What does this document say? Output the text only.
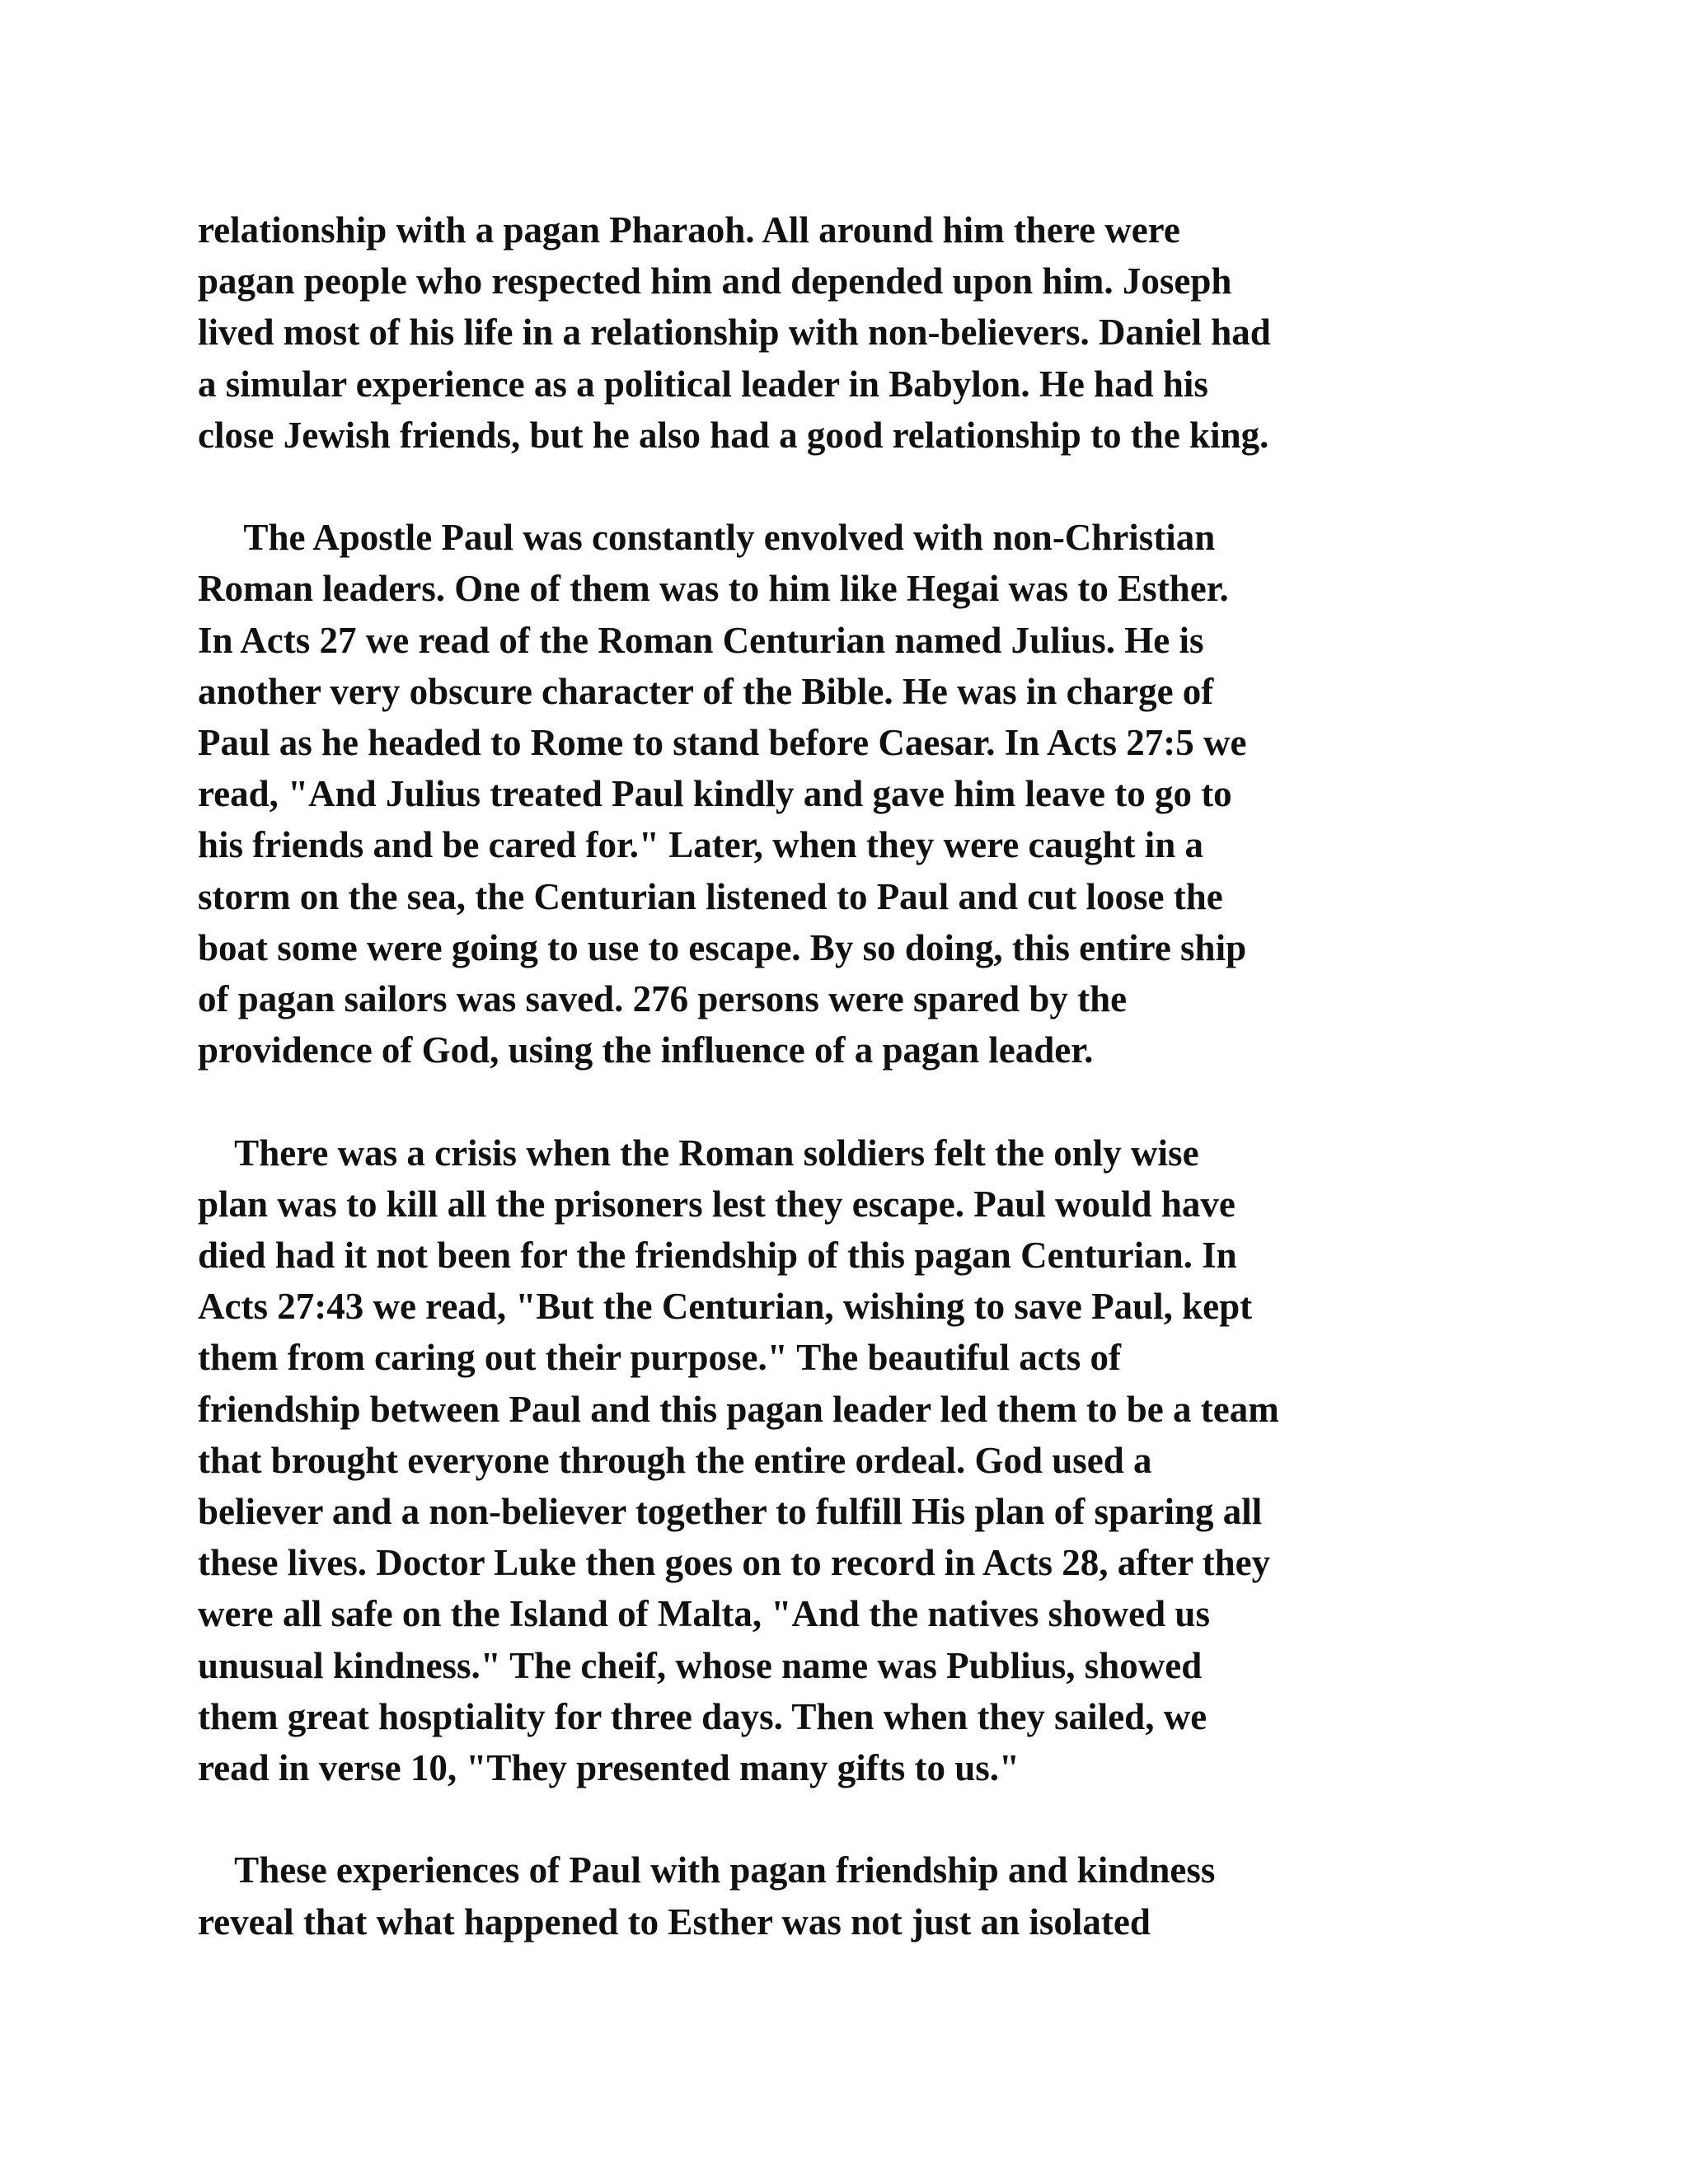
relationship with a pagan Pharaoh. All around him there were
pagan people who respected him and depended upon him. Joseph
lived most of his life in a relationship with non-believers. Daniel had
a simular experience as a political leader in Babylon. He had his
close Jewish friends, but he also had a good relationship to the king.

The Apostle Paul was constantly envolved with non-Christian
Roman leaders. One of them was to him like Hegai was to Esther.
In Acts 27 we read of the Roman Centurian named Julius. He is
another very obscure character of the Bible. He was in charge of
Paul as he headed to Rome to stand before Caesar. In Acts 27:5 we
read, "And Julius treated Paul kindly and gave him leave to go to
his friends and be cared for." Later, when they were caught in a
storm on the sea, the Centurian listened to Paul and cut loose the
boat some were going to use to escape. By so doing, this entire ship
of pagan sailors was saved. 276 persons were spared by the
providence of God, using the influence of a pagan leader.

There was a crisis when the Roman soldiers felt the only wise
plan was to kill all the prisoners lest they escape. Paul would have
died had it not been for the friendship of this pagan Centurian. In
Acts 27:43 we read, "But the Centurian, wishing to save Paul, kept
them from caring out their purpose." The beautiful acts of
friendship between Paul and this pagan leader led them to be a team
that brought everyone through the entire ordeal. God used a
believer and a non-believer together to fulfill His plan of sparing all
these lives. Doctor Luke then goes on to record in Acts 28, after they
were all safe on the Island of Malta, "And the natives showed us
unusual kindness." The cheif, whose name was Publius, showed
them great hosptiality for three days. Then when they sailed, we
read in verse 10, "They presented many gifts to us."

These experiences of Paul with pagan friendship and kindness
reveal that what happened to Esther was not just an isolated
